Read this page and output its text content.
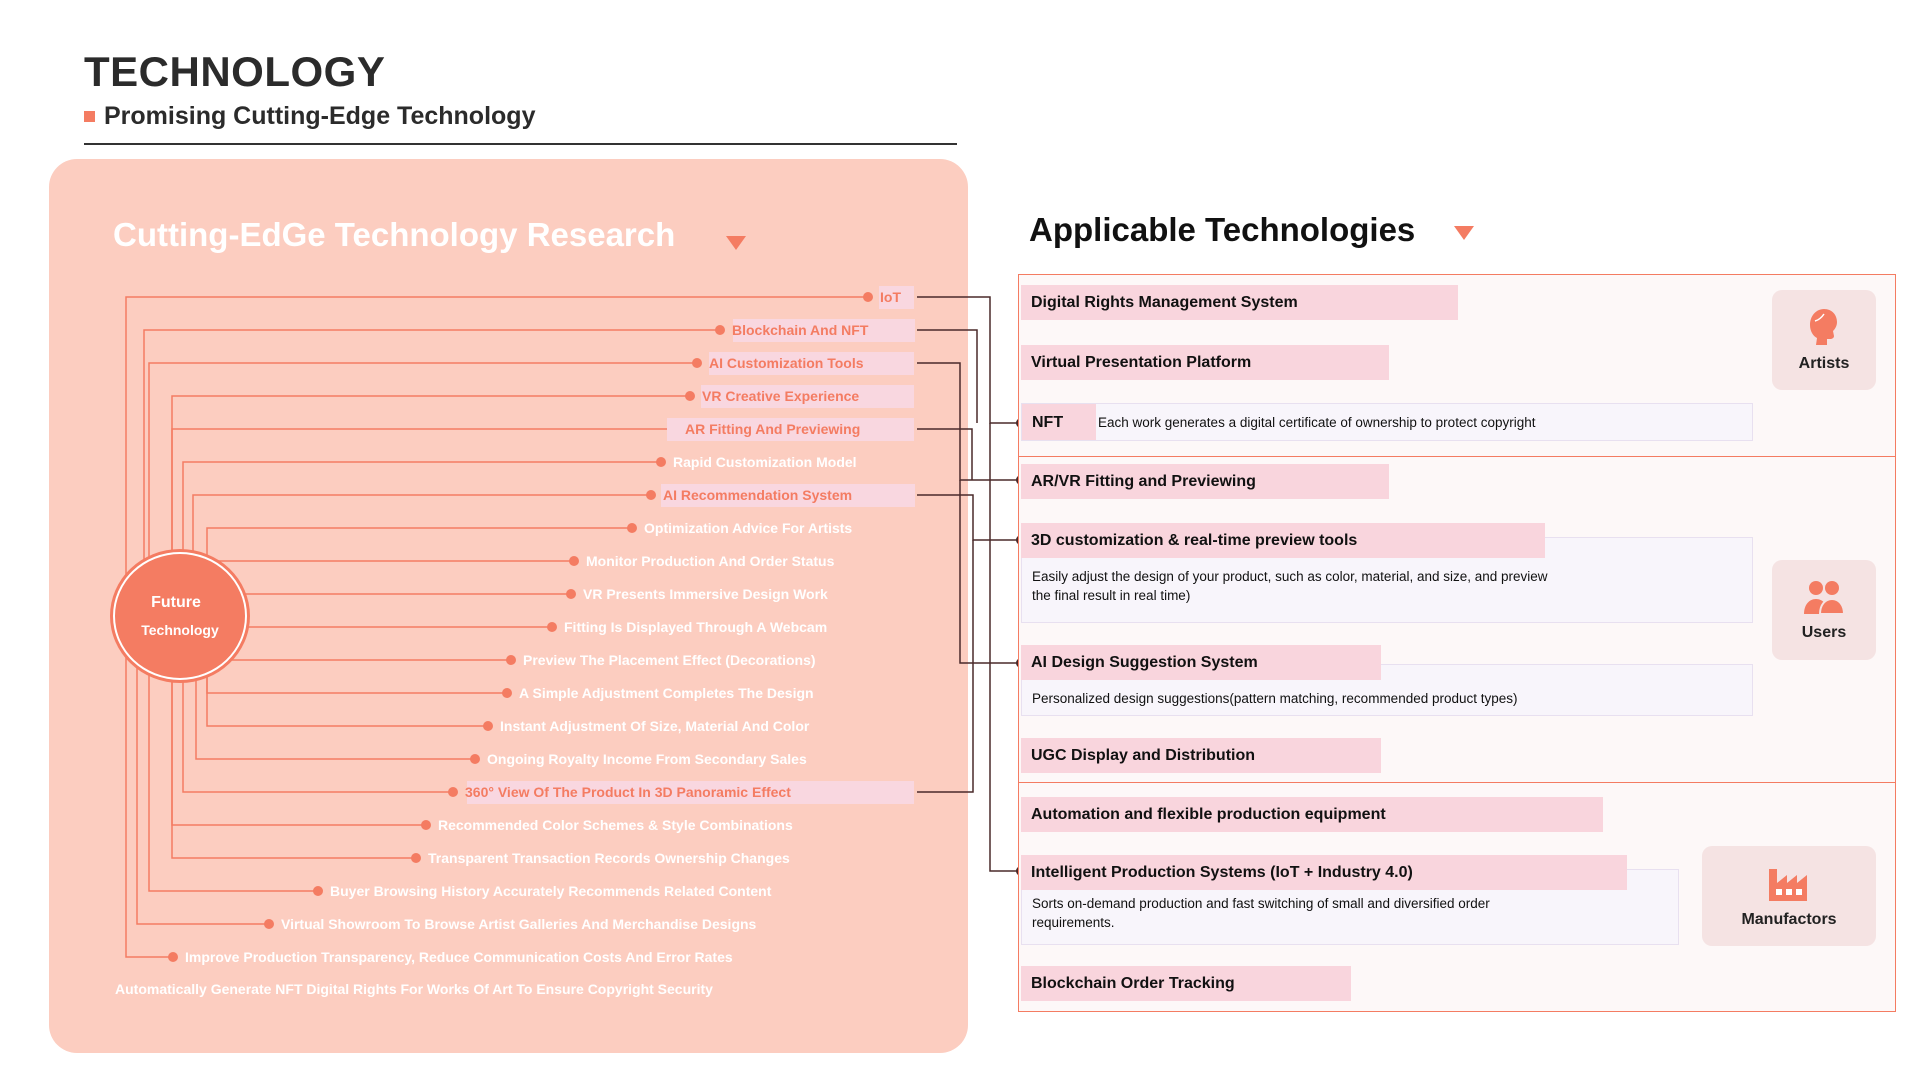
TECHNOLOGY
Promising Cutting-Edge Technology
Cutting-EdGe Technology Research
IoT
Blockchain And NFT
AI Customization Tools
VR Creative Experience
AR Fitting And Previewing
Rapid Customization Model
AI Recommendation System
Optimization Advice For Artists
Monitor Production And Order Status
VR Presents Immersive Design Work
Fitting Is Displayed Through A Webcam
Preview The Placement Effect (Decorations)
A Simple Adjustment Completes The Design
Instant Adjustment Of Size, Material And Color
Ongoing Royalty Income From Secondary Sales
360° View Of The Product In 3D Panoramic Effect
Recommended Color Schemes & Style Combinations
Transparent Transaction Records Ownership Changes
Buyer Browsing History Accurately Recommends Related Content
Virtual Showroom To Browse Artist Galleries And Merchandise Designs
Improve Production Transparency, Reduce Communication Costs And Error Rates
Future
Technology
Automatically Generate NFT Digital Rights For Works Of Art To Ensure Copyright Security
Applicable Technologies
Digital Rights Management System
Virtual Presentation Platform
NFT	Each work generates a digital certificate of ownership to protect copyright
Artists
AR/VR Fitting and Previewing
Easily adjust the design of your product, such as color, material, and size, and preview the final result in real time)
3D customization & real-time preview tools
Personalized design suggestions(pattern matching, recommended product types)
AI Design Suggestion System
UGC Display and Distribution
Users
Automation and flexible production equipment
Sorts on-demand production and fast switching of small and diversified order requirements.
Intelligent Production Systems (IoT + Industry 4.0)
Blockchain Order Tracking
Manufactors
